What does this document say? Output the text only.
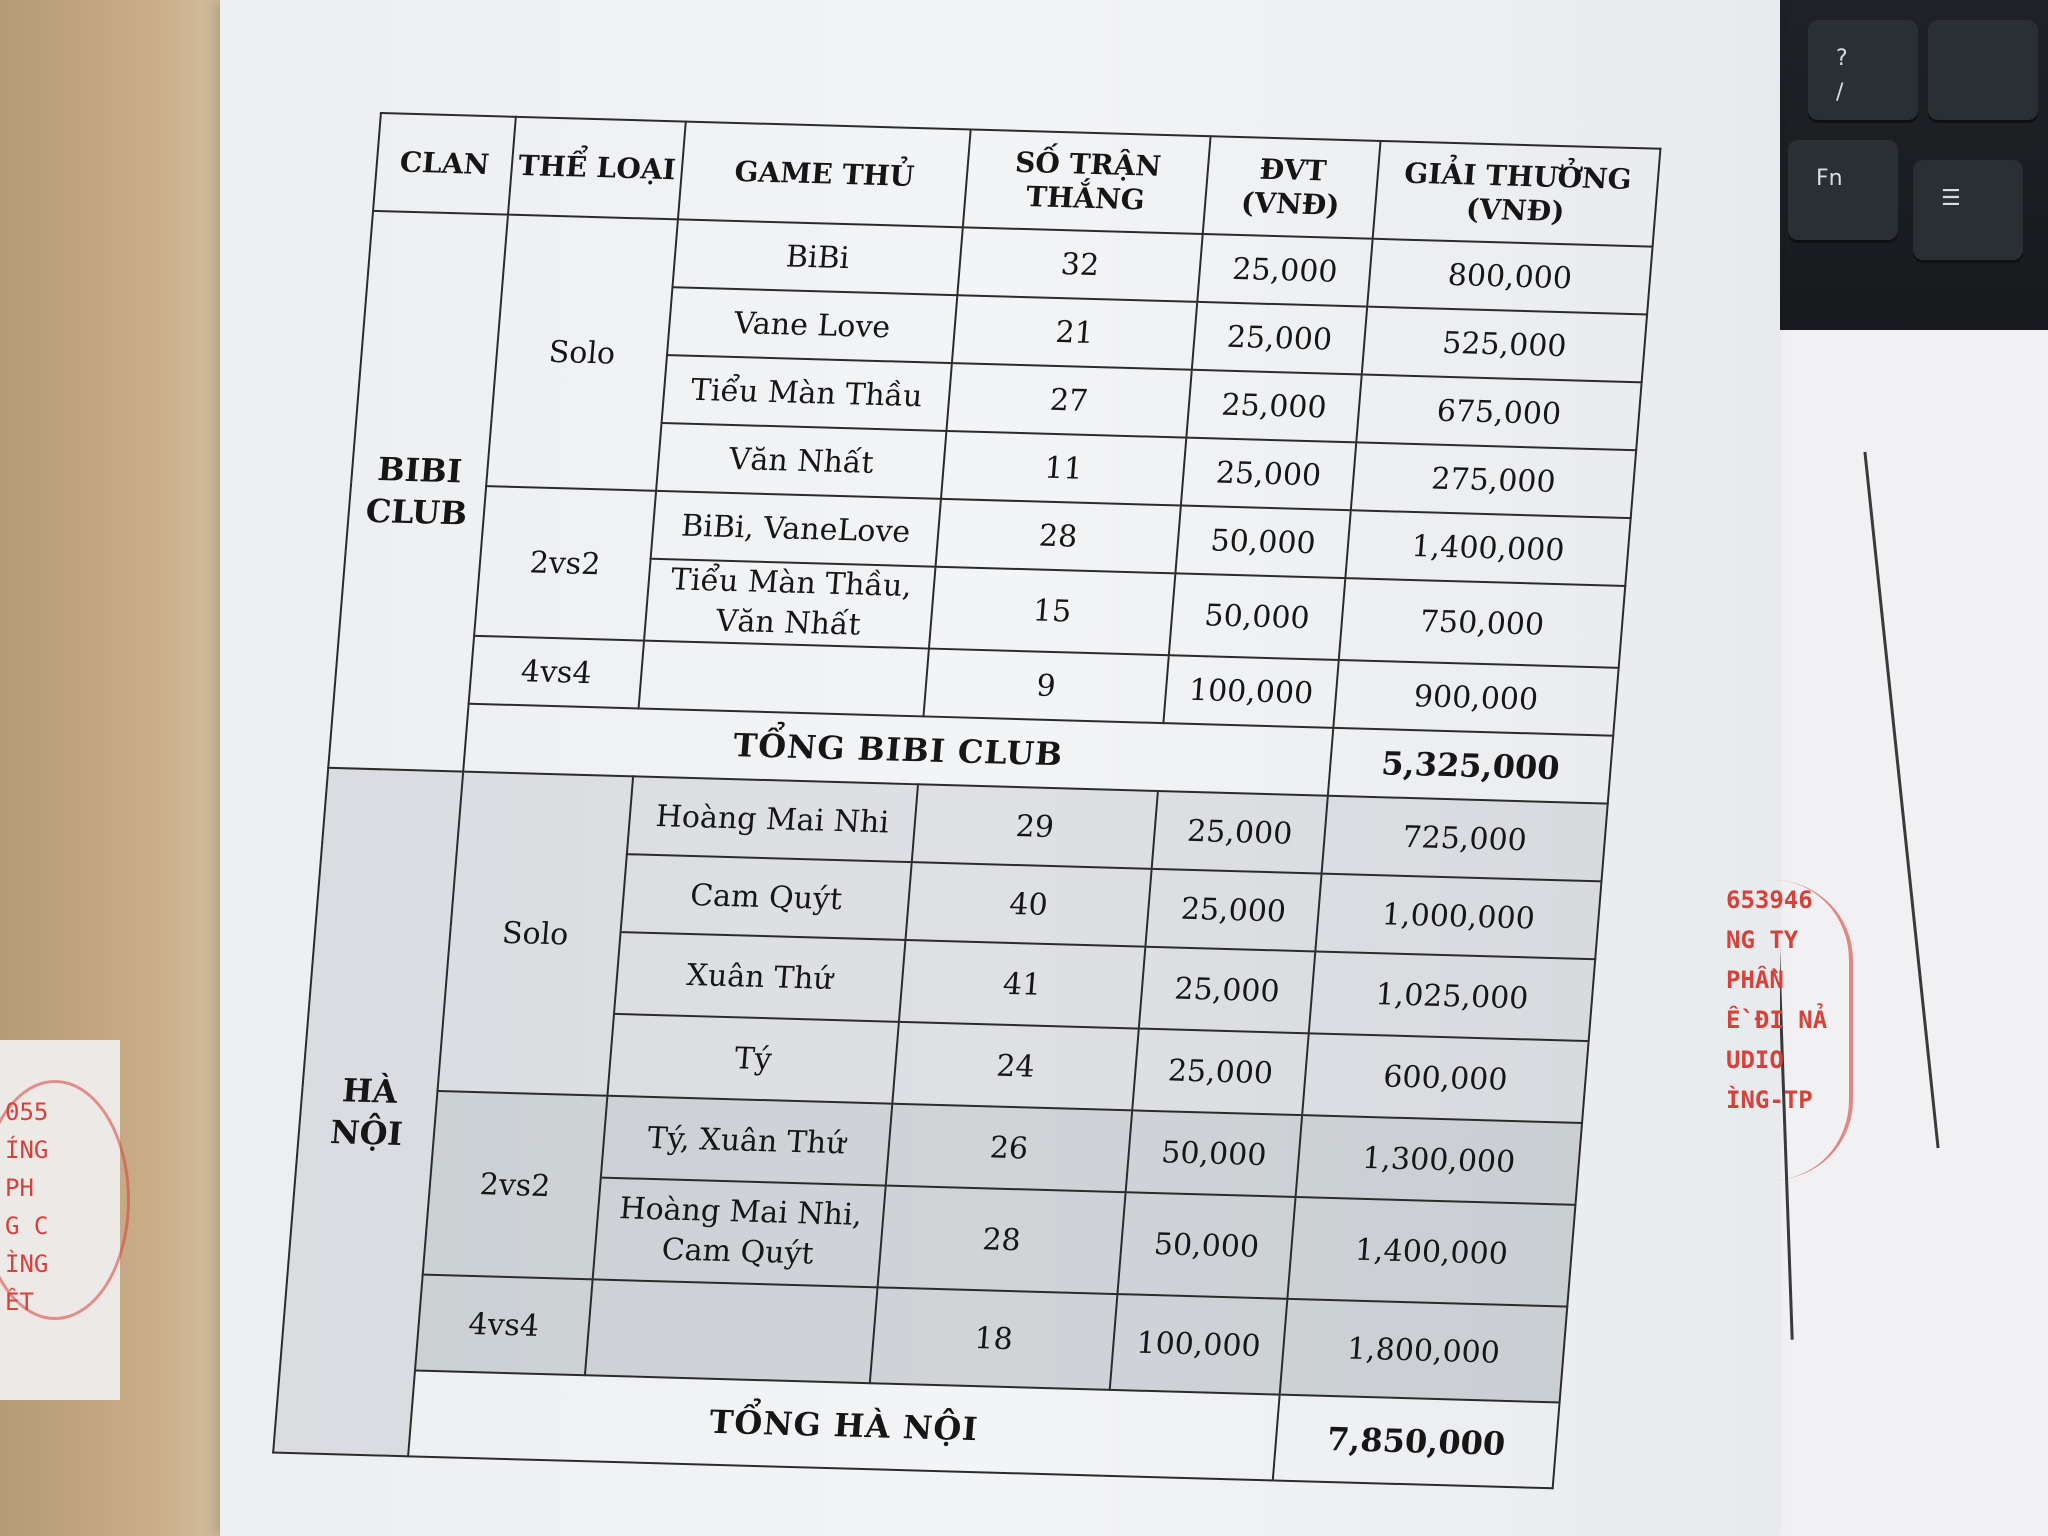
055
ÍNG
PH
G C
ÌNG
ÊT
?
/
Fn
☰
653946
NG TY
PHẦN
Ề ĐI NẢ
UDIO
ÌNG-TP
CLAN	THỂ LOẠI	GAME THỦ	SỐ TRẬN THẮNG	ĐVT (VNĐ)	GIẢI THƯỞNG (VNĐ)
BIBI CLUB	Solo	BiBi	32	25,000	800,000
		Vane Love	21	25,000	525,000
		Tiểu Màn Thầu	27	25,000	675,000
		Văn Nhất	11	25,000	275,000
	2vs2	BiBi, VaneLove	28	50,000	1,400,000
		Tiểu Màn Thầu, Văn Nhất	15	50,000	750,000
	4vs4		9	100,000	900,000
	TỔNG BIBI CLUB				5,325,000
HÀ NỘI	Solo	Hoàng Mai Nhi	29	25,000	725,000
		Cam Quýt	40	25,000	1,000,000
		Xuân Thứ	41	25,000	1,025,000
		Tý	24	25,000	600,000
	2vs2	Tý, Xuân Thứ	26	50,000	1,300,000
		Hoàng Mai Nhi, Cam Quýt	28	50,000	1,400,000
	4vs4		18	100,000	1,800,000
	TỔNG HÀ NỘI				7,850,000
